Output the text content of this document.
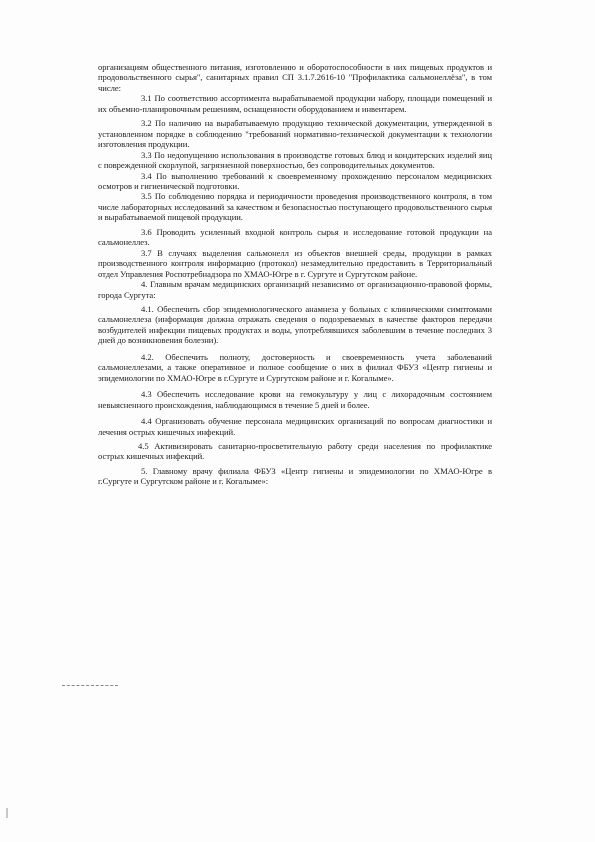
организациям общественного питания, изготовлению и оборотоспособности в них пищевых продуктов и продовольственного сырья", санитарных правил СП 3.1.7.2616-10 "Профилактика сальмонеллёза", в том числе:

3.1 По соответствию ассортимента вырабатываемой продукции набору, площади помещений и их объемно-планировочным решениям, оснащенности оборудованием и инвентарем.

3.2 По наличию на вырабатываемую продукцию технической документации, утвержденной в установленном порядке в соблюдению "требований нормативно-технической документации к технологии изготовления продукции.

3.3 По недопущению использования в производстве готовых блюд и кондитерских изделий яиц с поврежденной скорлупой, загрязненной поверхностью, без сопроводительных документов.

3.4 По выполнению требований к своевременному прохождению персоналом медицинских осмотров и гигиенической подготовки.

3.5 По соблюдению порядка и периодичности проведения производственного контроля, в том числе лабораторных исследований за качеством и безопасностью поступающего продовольственного сырья и вырабатываемой пищевой продукции.

3.6 Проводить усиленный входной контроль сырья и исследование готовой продукции на сальмонеллез.

3.7 В случаях выделения сальмонелл из объектов внешней среды, продукции в рамках производственного контроля информацию (протокол) незамедлительно предоставить в Территориальный отдел Управления Роспотребнадзора по ХМАО-Югре в г. Сургуте и Сургутском районе.

4. Главным врачам медицинских организаций независимо от организационно-правовой формы, города Сургута:

4.1. Обеспечить сбор эпидемиологического анамнеза у больных с клиническими симптомами сальмонеллеза (информация должна отражать сведения о подозреваемых в качестве факторов передачи возбудителей инфекции пищевых продуктах и воды, употреблявшихся заболевшим в течение последних 3 дней до возникновения болезни).

4.2. Обеспечить полноту, достоверность и своевременность учета заболеваний сальмонеллезами, а также оперативное и полное сообщение о них в филиал ФБУЗ «Центр гигиены и эпидемиологии по ХМАО-Югре в г.Сургуте и Сургутском районе и г. Когалыме».

4.3 Обеспечить исследование крови на гемокультуру у лиц с лихорадочным состоянием невыясненного происхождения, наблюдающимся в течение 5 дней и более.

4.4 Организовать обучение персонала медицинских организаций по вопросам диагностики и лечения острых кишечных инфекций.

4.5 Активизировать санитарно-просветительную работу среди населения по профилактике острых кишечных инфекций.

5. Главному врачу филиала ФБУЗ «Центр гигиены и эпидемиологии по ХМАО-Югре в г.Сургуте и Сургутском районе и г. Когалыме»:
